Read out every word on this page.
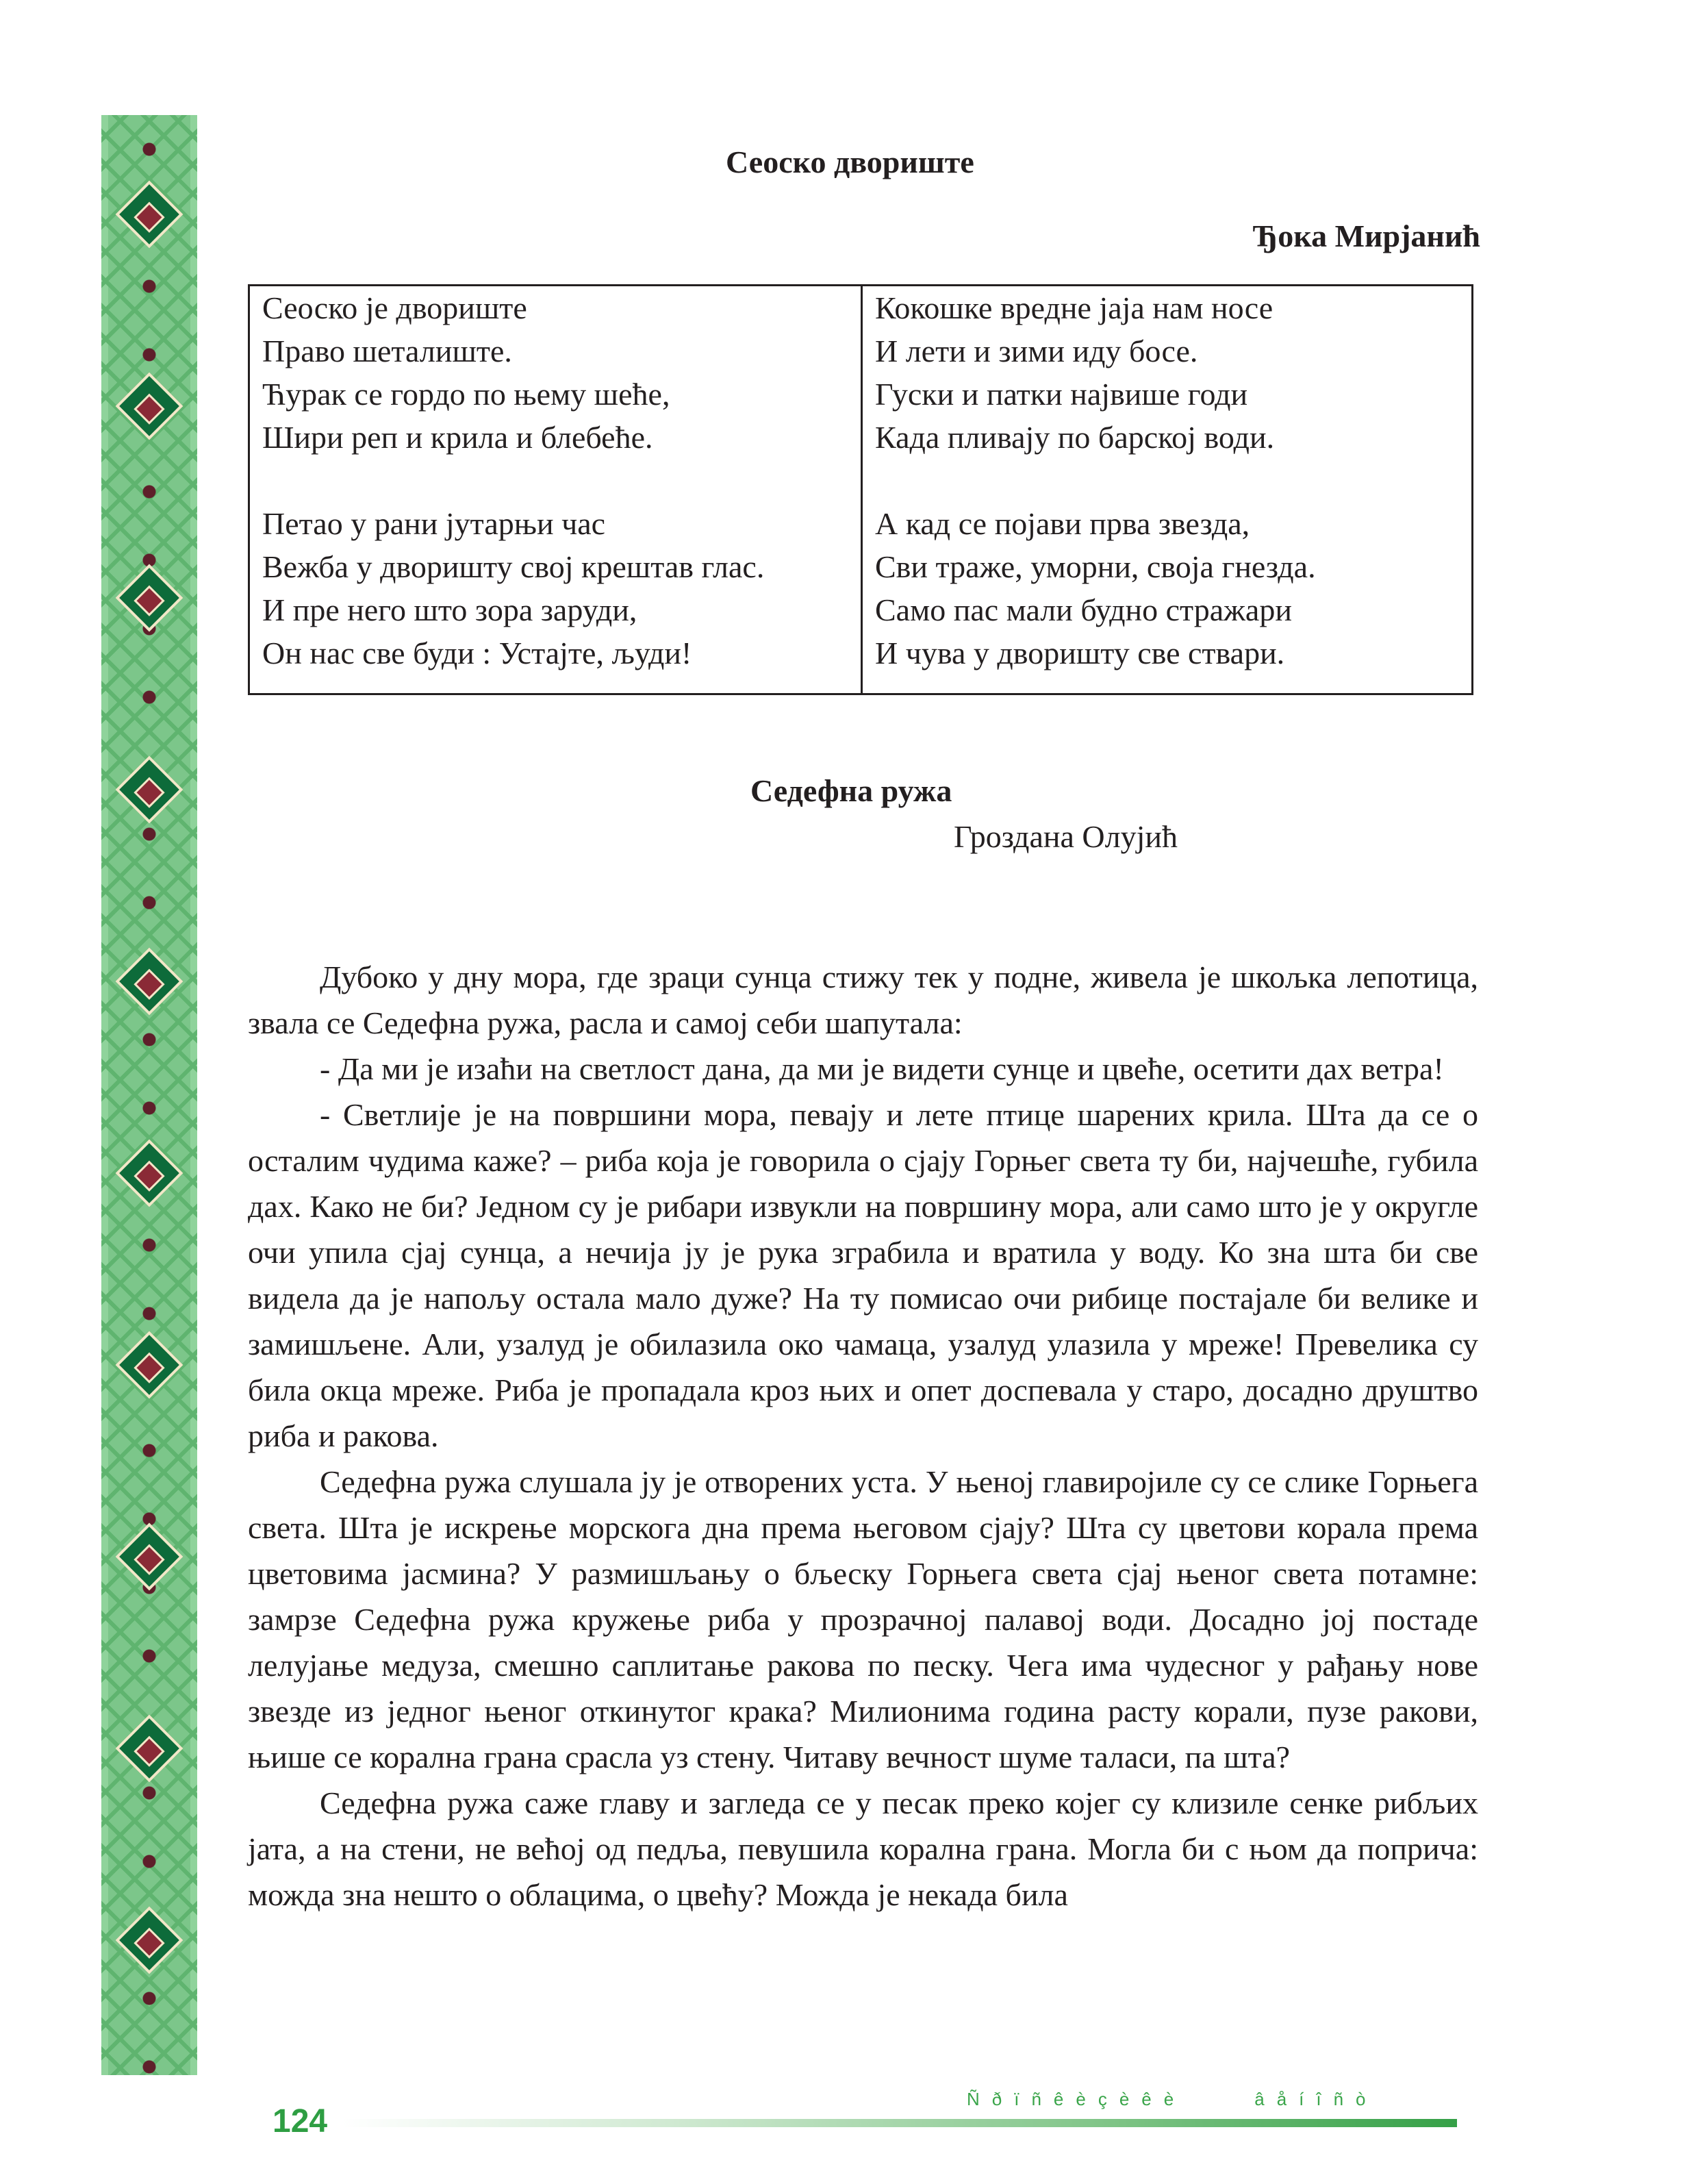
Сеоско двориште
Ђока Мирјанић
Сеоско је двориште
Право шеталиште.
Ћурак се гордо по њему шеће,
Шири реп и крила и блебеће.
Петао у рани јутарњи час
Вежба у дворишту свој крештав глас.
И пре него што зора заруди,
Он нас све буди : Устајте, људи!
Кокошке вредне јаја нам носе
И лети и зими иду босе.
Гуски и патки највише годи
Када пливају по барској води.
А кад се појави прва звезда,
Сви траже, уморни, своја гнезда.
Само пас мали будно стражари
И чува у дворишту све ствари.
Седефна ружа
Гроздана Олујић

Дубоко у дну мора, где зраци сунца стижу тек у подне, живела је шкољка лепотица, звала се Седефна ружа, расла и самој себи шапутала:

- Да ми је изаћи на светлост дана, да ми је видети сунце и цвеће, осетити дах ветра!

- Светлије је на површини мора, певају и лете птице шарених крила. Шта да се о осталим чудима каже? – риба која је говорила о сјају Горњег света ту би, најчешће, губила дах. Како не би? Једном су је рибари извукли на површину мора, али само што је у округле очи упила сјај сунца, а нечија ју је рука зграбила и вратила у воду. Ко зна шта би све видела да је напољу остала мало дуже? На ту помисао очи рибице постајале би велике и замишљене. Али, узалуд је обилазила око чамаца, узалуд улазила у мреже! Превелика су била окца мреже. Риба је пропадала кроз њих и опет доспевала у старо, досадно друштво риба и ракова.

Седефна ружа слушала ју је отворених уста. У њеној главиројиле су се слике Горњега света. Шта је искрење морскога дна према његовом сјају? Шта су цветови корала према цветовима јасмина? У размишљању о бљеску Горњега света сјај њеног света потамне: замрзе Седефна ружа кружење риба у прозрачној палавој води. Досадно јој постаде лелујање медуза, смешно саплитање ракова по песку. Чега има чудесног у рађању нове звезде из једног њеног откинутог крака? Милионима година расту корали, пузе ракови, њише се корална грана срасла уз стену. Читаву вечност шуме таласи, па шта?

Седефна ружа саже главу и загледа се у песак преко којег су клизиле сенке рибљих јата, а на стени, не већој од педља, певушила коралнa грана. Могла би с њом да поприча: можда зна нешто о облацима, о цвећу? Можда је некада била

Ñðïñêèçèêè	âåíîñò
124
